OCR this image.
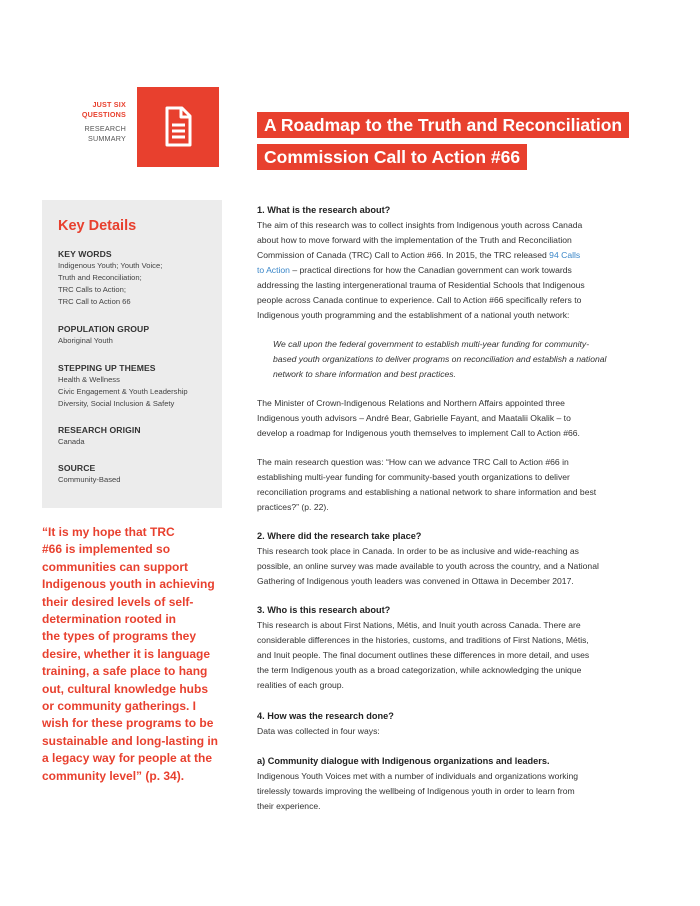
JUST SIX
QUESTIONS
RESEARCH
SUMMARY
A Roadmap to the Truth and Reconciliation
Commission Call to Action #66
Key Details
KEY WORDS
Indigenous Youth; Youth Voice;
Truth and Reconciliation;
TRC Calls to Action;
TRC Call to Action 66
POPULATION GROUP
Aboriginal Youth
STEPPING UP THEMES
Health & Wellness
Civic Engagement & Youth Leadership
Diversity, Social Inclusion & Safety
RESEARCH ORIGIN
Canada
SOURCE
Community-Based
“It is my hope that TRC
#66 is implemented so
communities can support
Indigenous youth in achieving
their desired levels of self-
determination rooted in
the types of programs they
desire, whether it is language
training, a safe place to hang
out, cultural knowledge hubs
or community gatherings. I
wish for these programs to be
sustainable and long-lasting in
a legacy way for people at the
community level” (p. 34).
1. What is the research about?
The aim of this research was to collect insights from Indigenous youth across Canada
about how to move forward with the implementation of the Truth and Reconciliation
Commission of Canada (TRC) Call to Action #66. In 2015, the TRC released 94 Calls
to Action – practical directions for how the Canadian government can work towards
addressing the lasting intergenerational trauma of Residential Schools that Indigenous
people across Canada continue to experience. Call to Action #66 specifically refers to
Indigenous youth programming and the establishment of a national youth network:
We call upon the federal government to establish multi-year funding for community-
based youth organizations to deliver programs on reconciliation and establish a national
network to share information and best practices.
The Minister of Crown-Indigenous Relations and Northern Affairs appointed three
Indigenous youth advisors – André Bear, Gabrielle Fayant, and Maatalii Okalik – to
develop a roadmap for Indigenous youth themselves to implement Call to Action #66.
The main research question was: “How can we advance TRC Call to Action #66 in
establishing multi-year funding for community-based youth organizations to deliver
reconciliation programs and establishing a national network to share information and best
practices?” (p. 22).
2. Where did the research take place?
This research took place in Canada. In order to be as inclusive and wide-reaching as
possible, an online survey was made available to youth across the country, and a National
Gathering of Indigenous youth leaders was convened in Ottawa in December 2017.
3. Who is this research about?
This research is about First Nations, Métis, and Inuit youth across Canada. There are
considerable differences in the histories, customs, and traditions of First Nations, Métis,
and Inuit people. The final document outlines these differences in more detail, and uses
the term Indigenous youth as a broad categorization, while acknowledging the unique
realities of each group.
4. How was the research done?
Data was collected in four ways:
a) Community dialogue with Indigenous organizations and leaders.
Indigenous Youth Voices met with a number of individuals and organizations working
tirelessly towards improving the wellbeing of Indigenous youth in order to learn from
their experience.
